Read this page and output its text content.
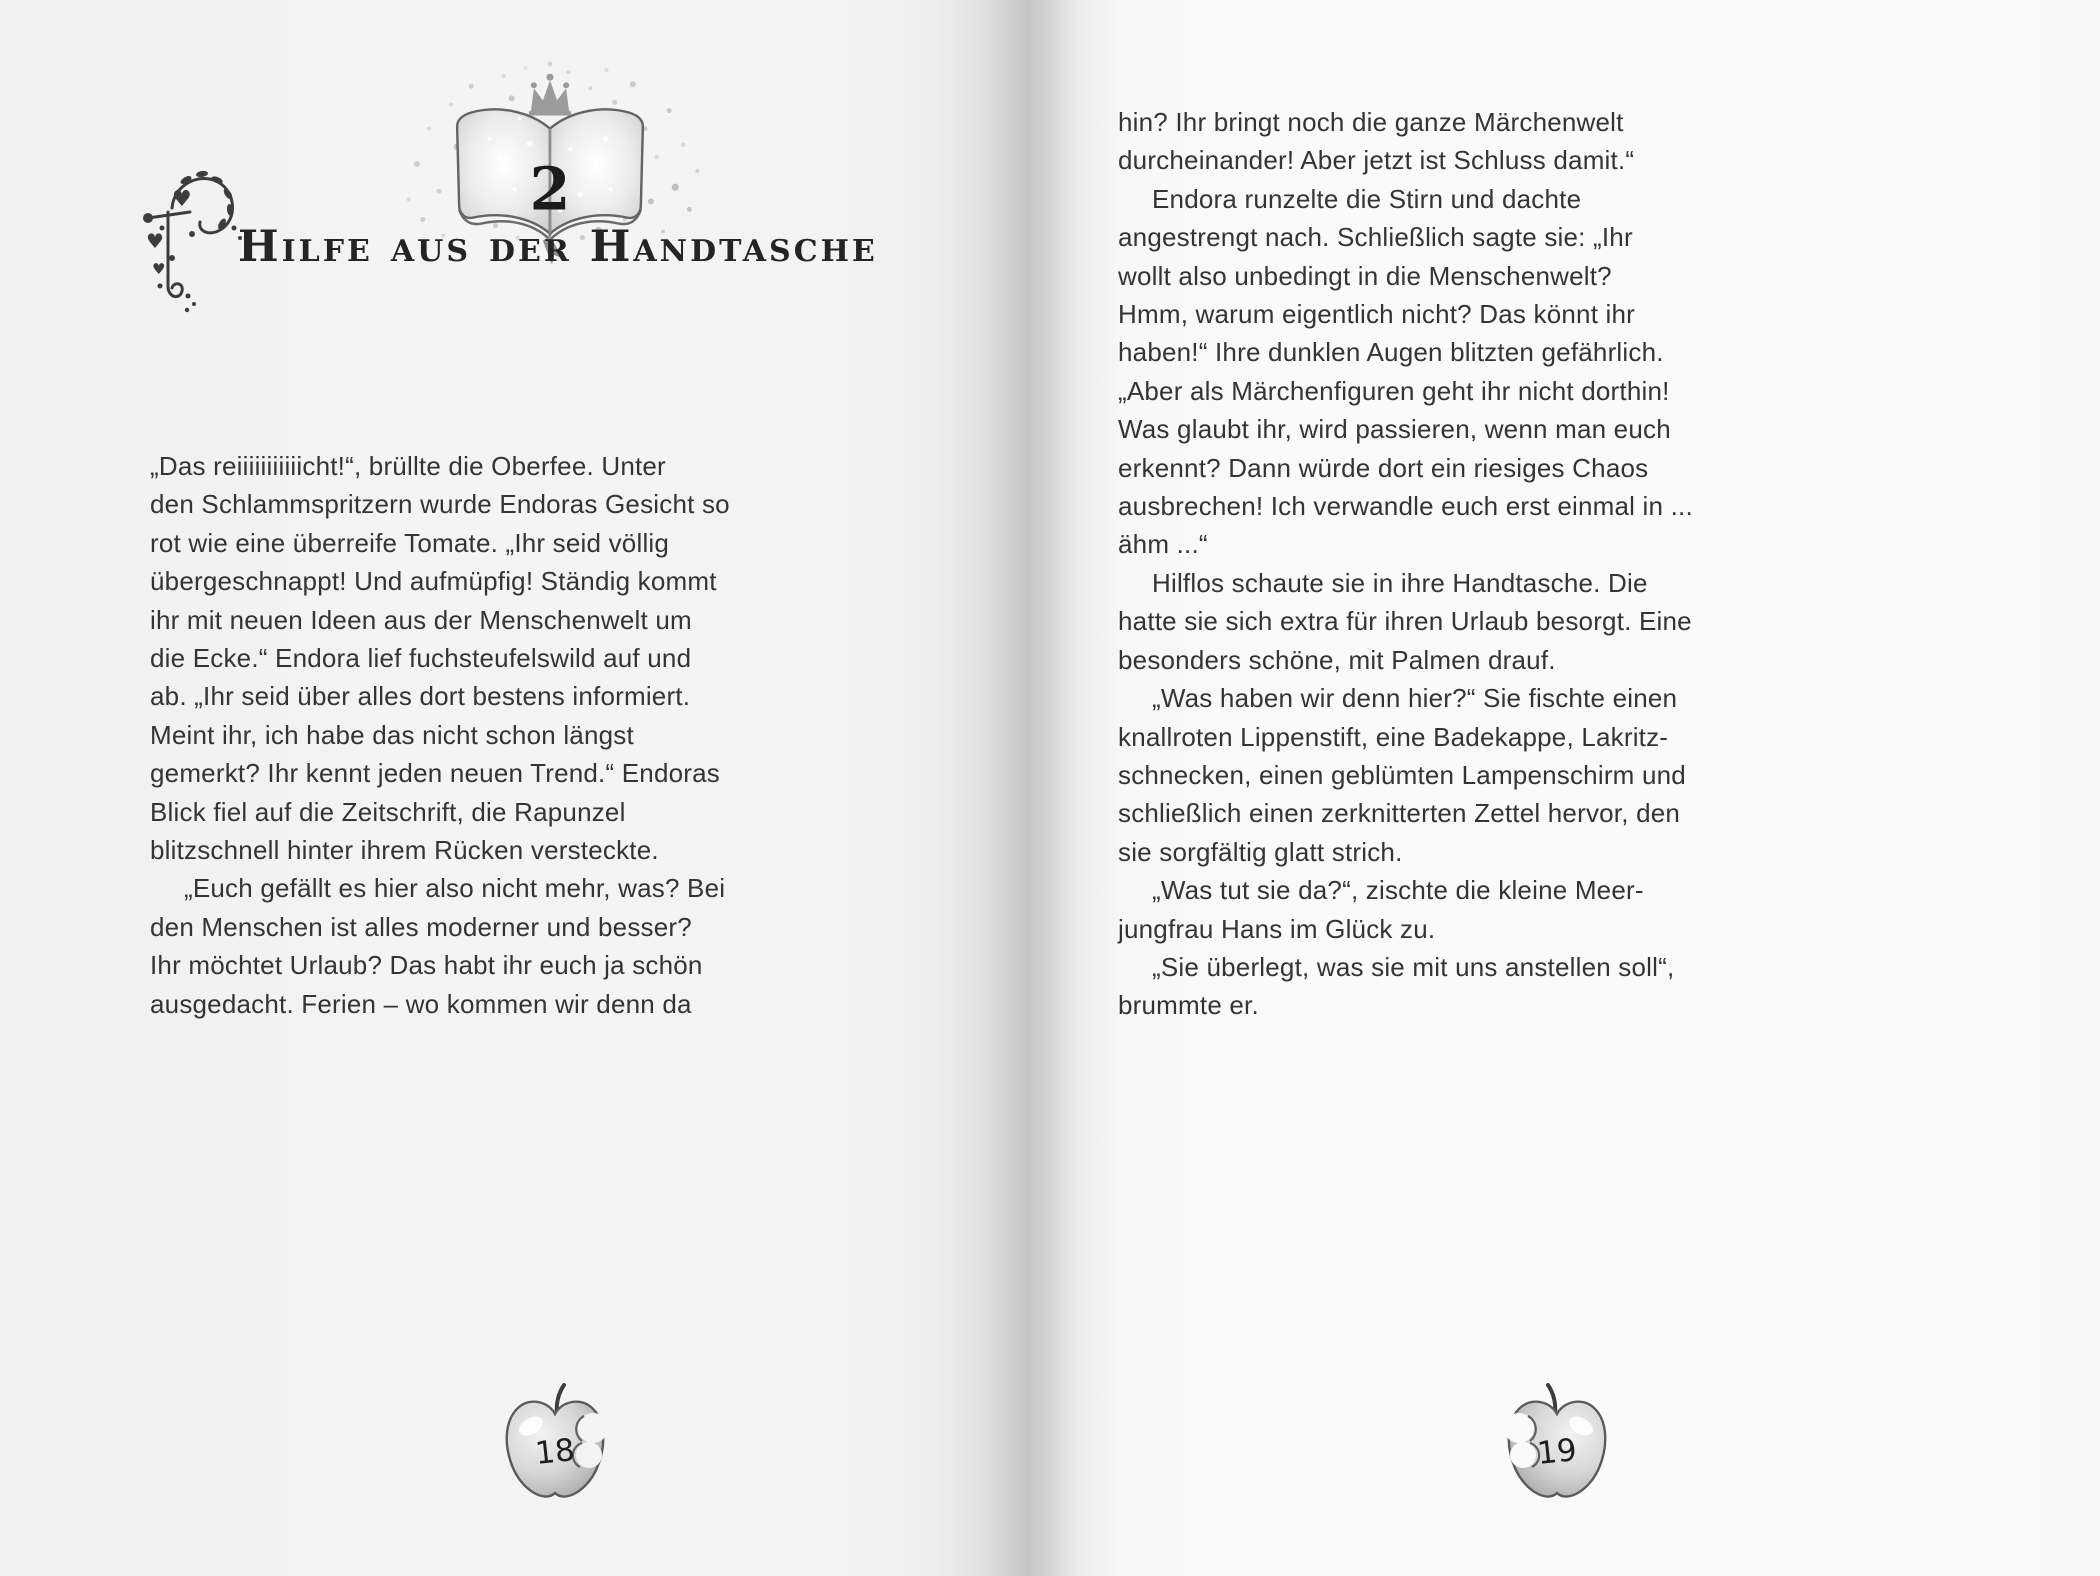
2
♥
♥
♥ Hilfe aus der Handtasche
„Das reiiiiiiiiiiicht!“, brüllte die Oberfee. Unter
den Schlammspritzern wurde Endoras Gesicht so
rot wie eine überreife Tomate. „Ihr seid völlig
übergeschnappt! Und aufmüpfig! Ständig kommt
ihr mit neuen Ideen aus der Menschenwelt um
die Ecke.“ Endora lief fuchsteufelswild auf und
ab. „Ihr seid über alles dort bestens informiert.
Meint ihr, ich habe das nicht schon längst
gemerkt? Ihr kennt jeden neuen Trend.“ Endoras
Blick fiel auf die Zeitschrift, die Rapunzel
blitzschnell hinter ihrem Rücken versteckte.
„Euch gefällt es hier also nicht mehr, was? Bei
den Menschen ist alles moderner und besser?
Ihr möchtet Urlaub? Das habt ihr euch ja schön
ausgedacht. Ferien – wo kommen wir denn da
18
hin? Ihr bringt noch die ganze Märchenwelt
durcheinander! Aber jetzt ist Schluss damit.“
Endora runzelte die Stirn und dachte
angestrengt nach. Schließlich sagte sie: „Ihr
wollt also unbedingt in die Menschenwelt?
Hmm, warum eigentlich nicht? Das könnt ihr
haben!“ Ihre dunklen Augen blitzten gefährlich.
„Aber als Märchenfiguren geht ihr nicht dorthin!
Was glaubt ihr, wird passieren, wenn man euch
erkennt? Dann würde dort ein riesiges Chaos
ausbrechen! Ich verwandle euch erst einmal in ...
ähm ...“
Hilflos schaute sie in ihre Handtasche. Die
hatte sie sich extra für ihren Urlaub besorgt. Eine
besonders schöne, mit Palmen drauf.
„Was haben wir denn hier?“ Sie fischte einen
knallroten Lippenstift, eine Badekappe, Lakritz-
schnecken, einen geblümten Lampenschirm und
schließlich einen zerknitterten Zettel hervor, den
sie sorgfältig glatt strich.
„Was tut sie da?“, zischte die kleine Meer-
jungfrau Hans im Glück zu.
„Sie überlegt, was sie mit uns anstellen soll“,
brummte er.
19
